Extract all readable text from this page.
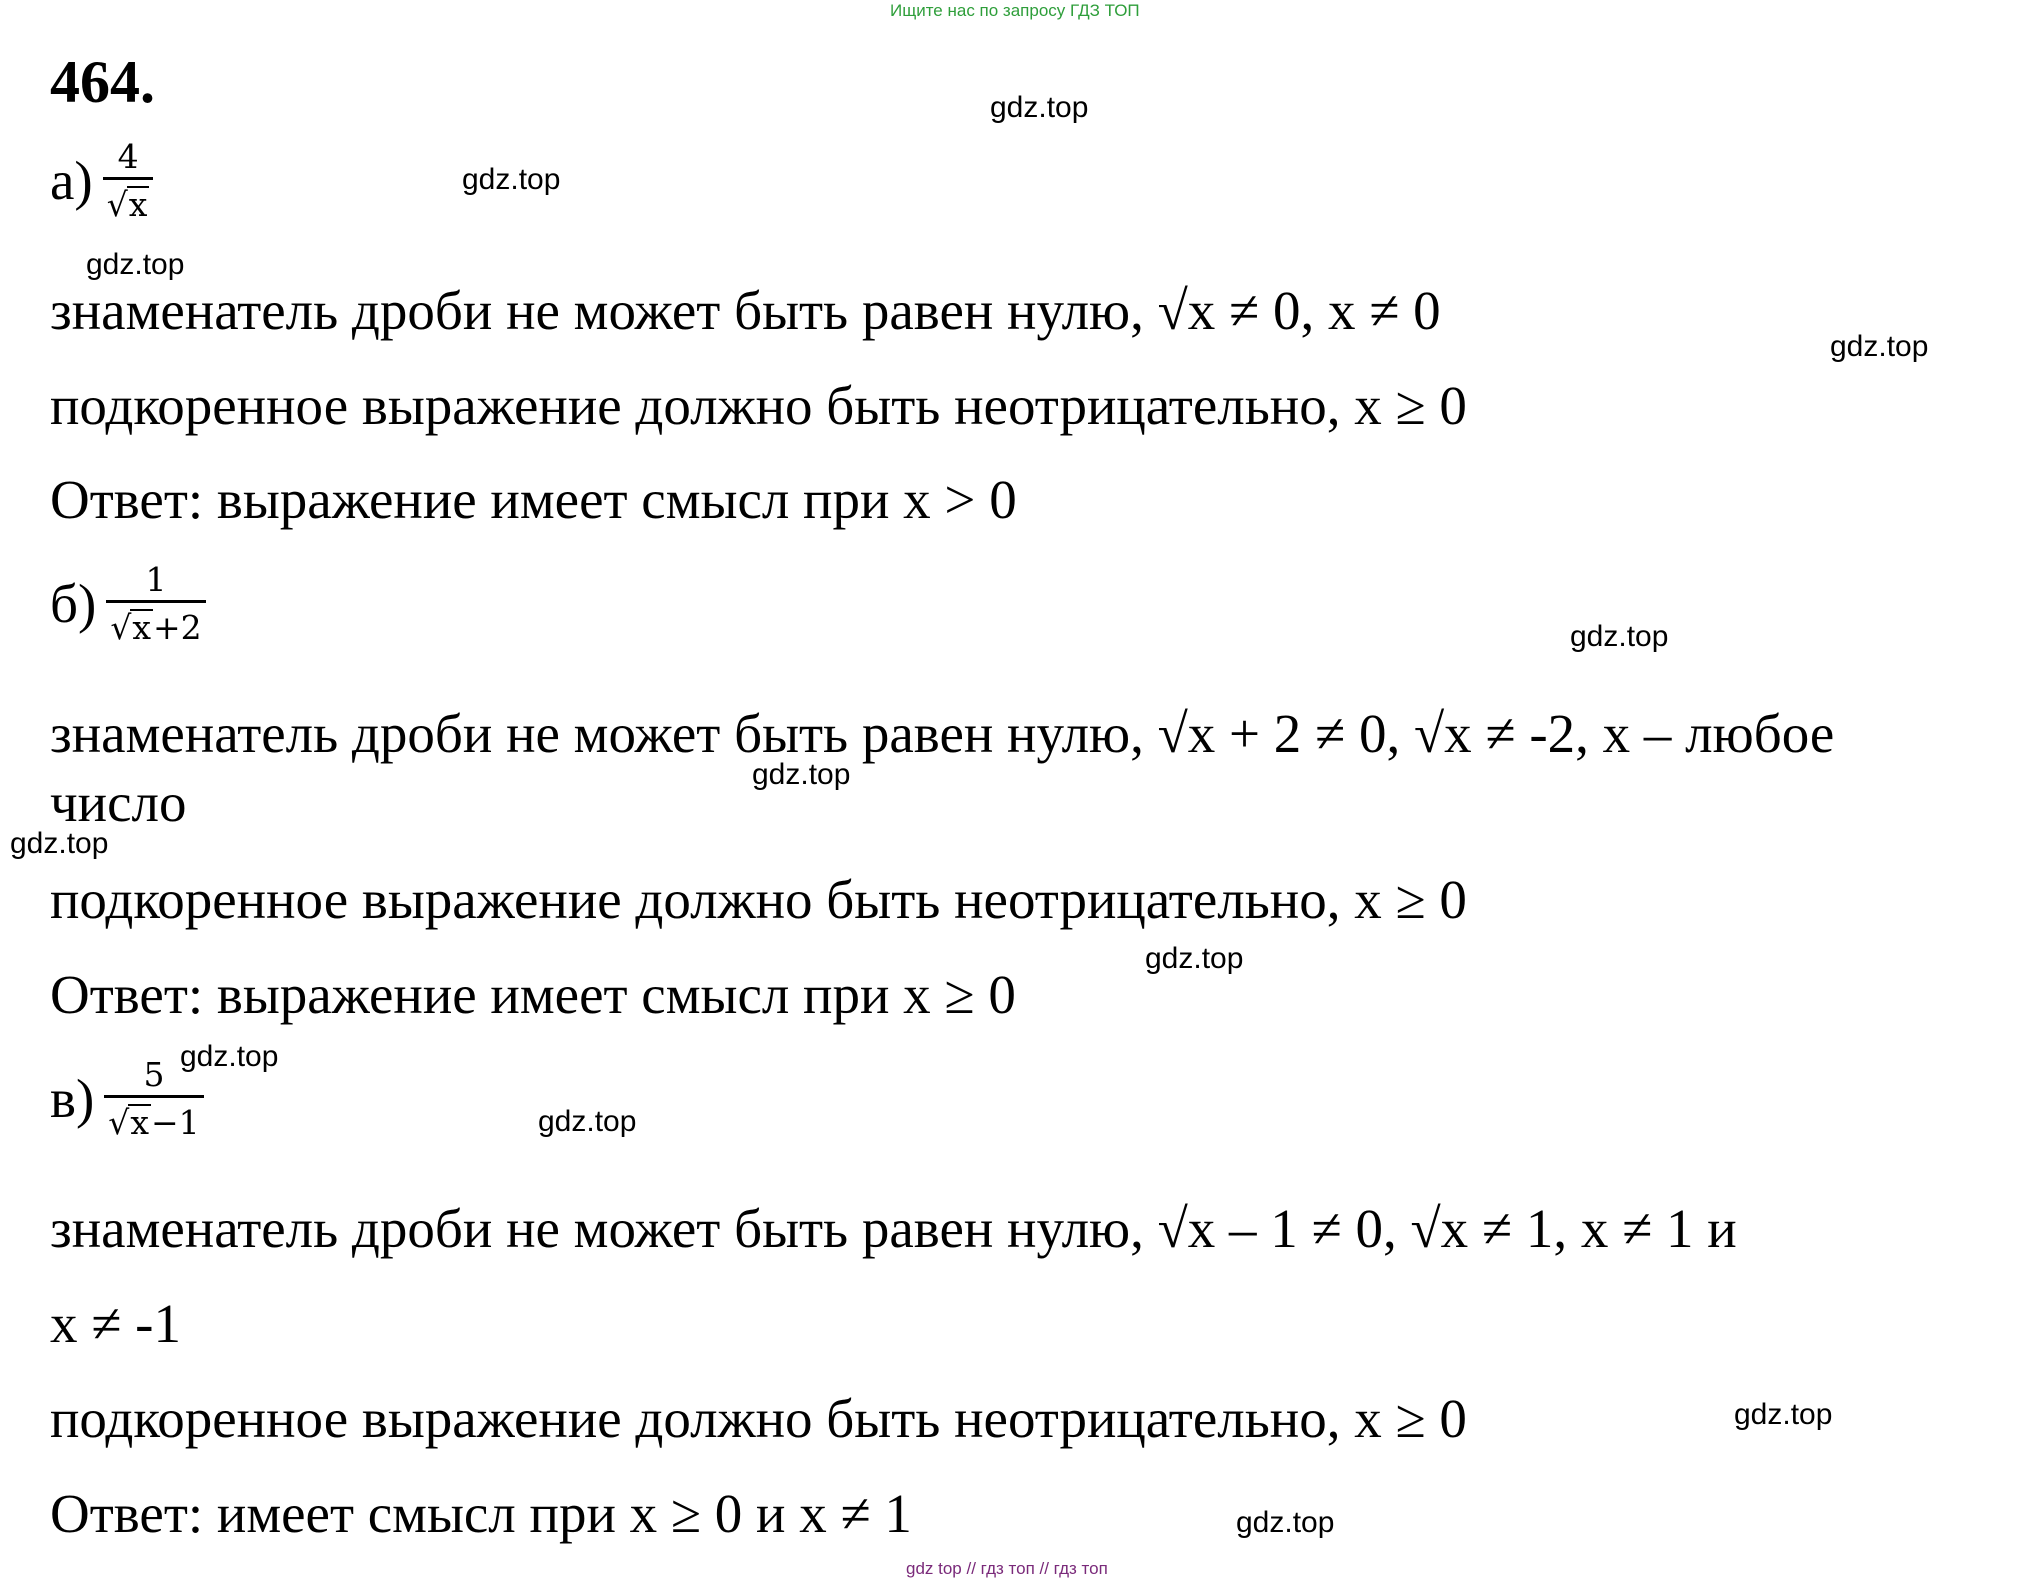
Ищите нас по запросу ГДЗ ТОП
464.
$а) \frac{4}{√x}$
знаменатель дроби не может быть равен нулю, √x ≠ 0, x ≠ 0
подкоренное выражение должно быть неотрицательно, x ≥ 0
Ответ: выражение имеет смысл при x > 0
$б) \frac{1}{√x+2}$
знаменатель дроби не может быть равен нулю, √x + 2 ≠ 0, √x ≠ -2, x – любое
число
подкоренное выражение должно быть неотрицательно, x ≥ 0
Ответ: выражение имеет смысл при x ≥ 0
$в) \frac{5}{√x-1}$
знаменатель дроби не может быть равен нулю, √x – 1 ≠ 0, √x ≠ 1, x ≠ 1 и
x ≠ -1
подкоренное выражение должно быть неотрицательно, x ≥ 0
Ответ: имеет смысл при x ≥ 0 и x ≠ 1
gdz.top
gdz.top
gdz.top
gdz.top
gdz.top
gdz.top
gdz.top
gdz.top
gdz.top
gdz.top
gdz.top
gdz.top
gdz top // гдз топ // гдз топ
